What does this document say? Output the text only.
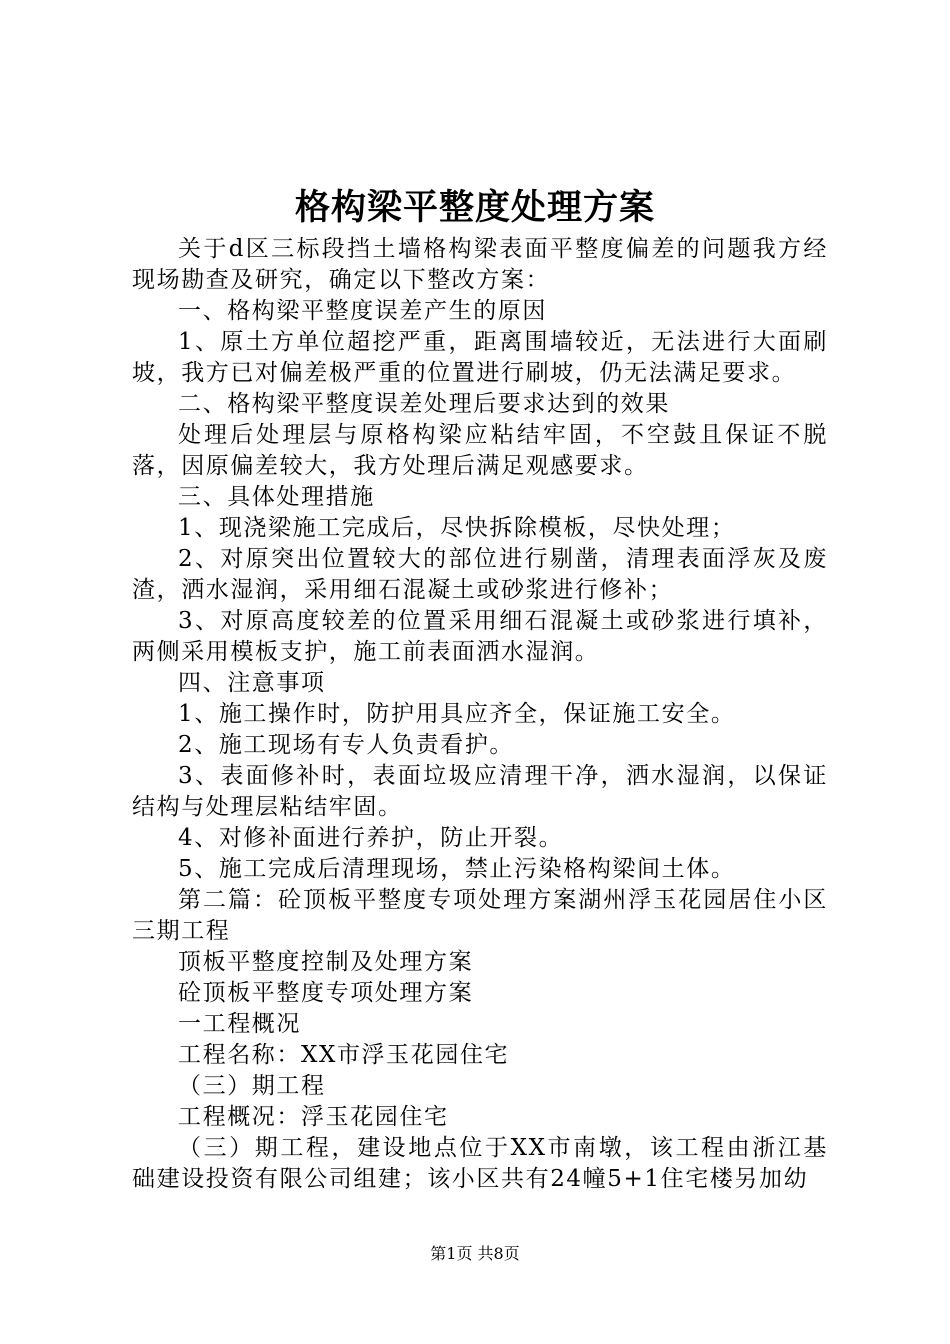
格构梁平整度处理方案

关于d区三标段挡土墙格构梁表面平整度偏差的问题我方经现场勘查及研究，确定以下整改方案：

一、格构梁平整度误差产生的原因

1、原土方单位超挖严重，距离围墙较近，无法进行大面刷坡，我方已对偏差极严重的位置进行刷坡，仍无法满足要求。

二、格构梁平整度误差处理后要求达到的效果

处理后处理层与原格构梁应粘结牢固，不空鼓且保证不脱落，因原偏差较大，我方处理后满足观感要求。

三、具体处理措施

1、现浇梁施工完成后，尽快拆除模板，尽快处理；

2、对原突出位置较大的部位进行剔凿，清理表面浮灰及废渣，洒水湿润，采用细石混凝土或砂浆进行修补；

3、对原高度较差的位置采用细石混凝土或砂浆进行填补，两侧采用模板支护，施工前表面洒水湿润。

四、注意事项

1、施工操作时，防护用具应齐全，保证施工安全。

2、施工现场有专人负责看护。

3、表面修补时，表面垃圾应清理干净，洒水湿润，以保证结构与处理层粘结牢固。

4、对修补面进行养护，防止开裂。

5、施工完成后清理现场，禁止污染格构梁间土体。

第二篇：砼顶板平整度专项处理方案湖州浮玉花园居住小区三期工程

顶板平整度控制及处理方案

砼顶板平整度专项处理方案

一工程概况

工程名称：XX市浮玉花园住宅

（三）期工程

工程概况：浮玉花园住宅

（三）期工程，建设地点位于XX市南墩，该工程由浙江基础建设投资有限公司组建；该小区共有24幢5+1住宅楼另加幼

第1页 共8页
